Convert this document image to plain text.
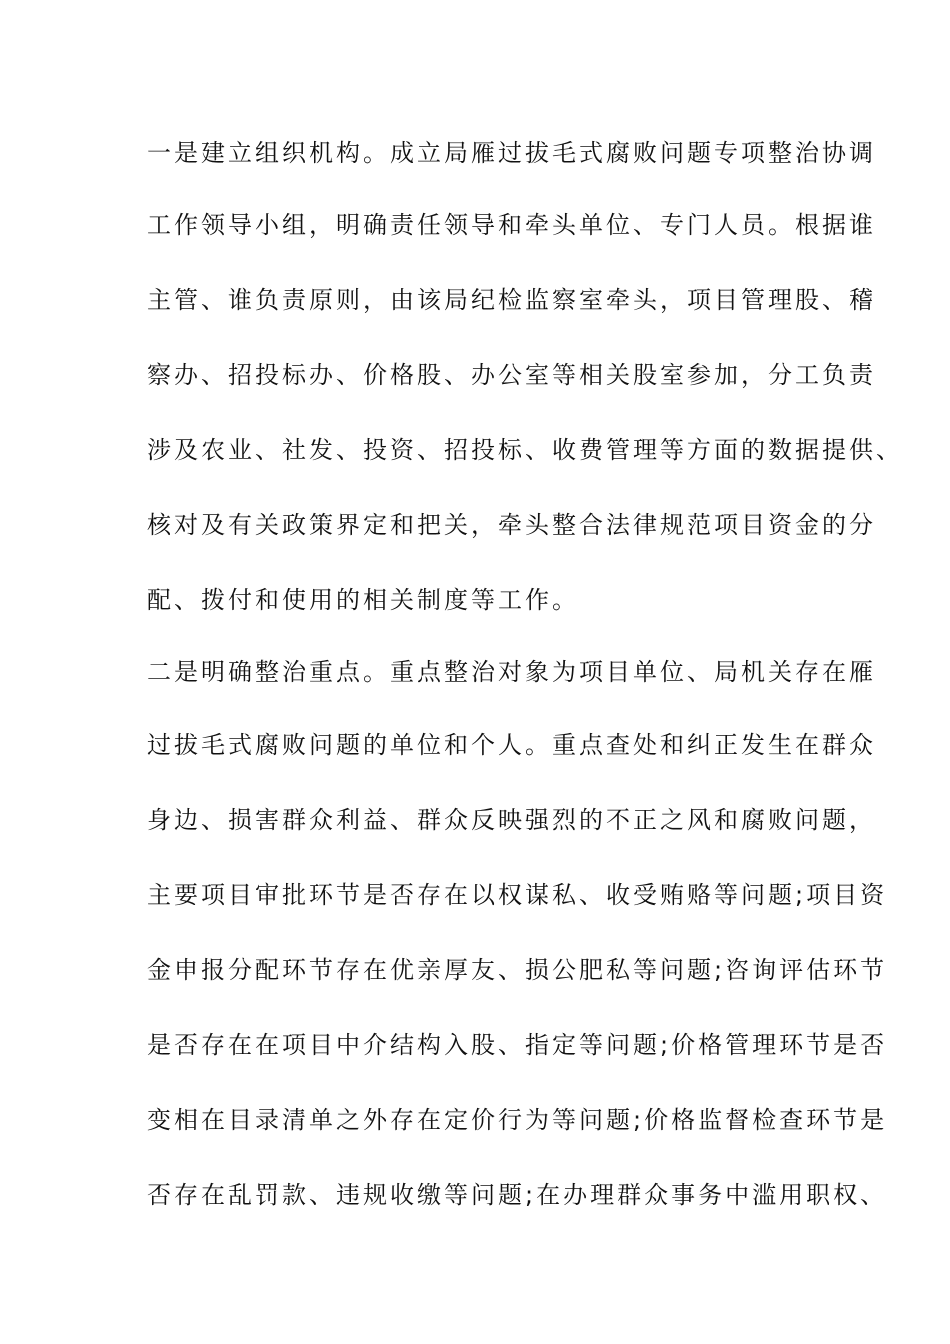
一是建立组织机构。成立局雁过拔毛式腐败问题专项整治协调
工作领导小组，明确责任领导和牵头单位、专门人员。根据谁
主管、谁负责原则，由该局纪检监察室牵头，项目管理股、稽
察办、招投标办、价格股、办公室等相关股室参加，分工负责
涉及农业、社发、投资、招投标、收费管理等方面的数据提供、
核对及有关政策界定和把关，牵头整合法律规范项目资金的分
配、拨付和使用的相关制度等工作。
二是明确整治重点。重点整治对象为项目单位、局机关存在雁
过拔毛式腐败问题的单位和个人。重点查处和纠正发生在群众
身边、损害群众利益、群众反映强烈的不正之风和腐败问题，
主要项目审批环节是否存在以权谋私、收受贿赂等问题;项目资
金申报分配环节存在优亲厚友、损公肥私等问题;咨询评估环节
是否存在在项目中介结构入股、指定等问题;价格管理环节是否
变相在目录清单之外存在定价行为等问题;价格监督检查环节是
否存在乱罚款、违规收缴等问题;在办理群众事务中滥用职权、
